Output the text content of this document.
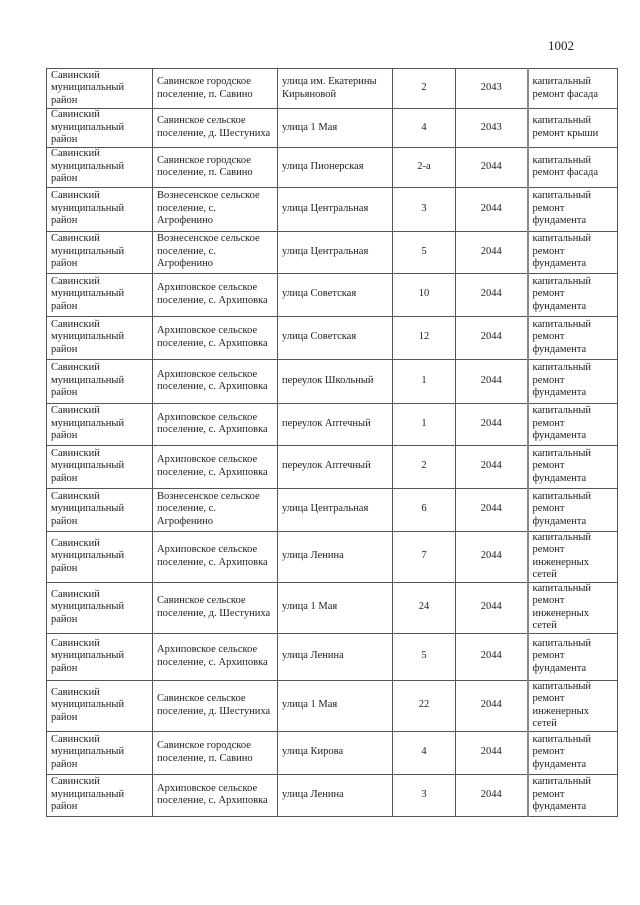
1002
Савинский муниципальный район	Савинское городское поселение, п. Савино	улица им. Екатерины Кирьяновой	2	2043	капитальный ремонт фасада
Савинский муниципальный район	Савинское сельское поселение, д. Шестуниха	улица 1 Мая	4	2043	капитальный ремонт крыши
Савинский муниципальный район	Савинское городское поселение, п. Савино	улица Пионерская	2-а	2044	капитальный ремонт фасада
Савинский муниципальный район	Вознесенское сельское поселение, с. Агрофенино	улица Центральная	3	2044	капитальный ремонт фундамента
Савинский муниципальный район	Вознесенское сельское поселение, с. Агрофенино	улица Центральная	5	2044	капитальный ремонт фундамента
Савинский муниципальный район	Архиповское сельское поселение, с. Архиповка	улица Советская	10	2044	капитальный ремонт фундамента
Савинский муниципальный район	Архиповское сельское поселение, с. Архиповка	улица Советская	12	2044	капитальный ремонт фундамента
Савинский муниципальный район	Архиповское сельское поселение, с. Архиповка	переулок Школьный	1	2044	капитальный ремонт фундамента
Савинский муниципальный район	Архиповское сельское поселение, с. Архиповка	переулок Аптечный	1	2044	капитальный ремонт фундамента
Савинский муниципальный район	Архиповское сельское поселение, с. Архиповка	переулок Аптечный	2	2044	капитальный ремонт фундамента
Савинский муниципальный район	Вознесенское сельское поселение, с. Агрофенино	улица Центральная	6	2044	капитальный ремонт фундамента
Савинский муниципальный район	Архиповское сельское поселение, с. Архиповка	улица Ленина	7	2044	капитальный ремонт инженерных сетей
Савинский муниципальный район	Савинское сельское поселение, д. Шестуниха	улица 1 Мая	24	2044	капитальный ремонт инженерных сетей
Савинский муниципальный район	Архиповское сельское поселение, с. Архиповка	улица Ленина	5	2044	капитальный ремонт фундамента
Савинский муниципальный район	Савинское сельское поселение, д. Шестуниха	улица 1 Мая	22	2044	капитальный ремонт инженерных сетей
Савинский муниципальный район	Савинское городское поселение, п. Савино	улица Кирова	4	2044	капитальный ремонт фундамента
Савинский муниципальный район	Архиповское сельское поселение, с. Архиповка	улица Ленина	3	2044	капитальный ремонт фундамента
